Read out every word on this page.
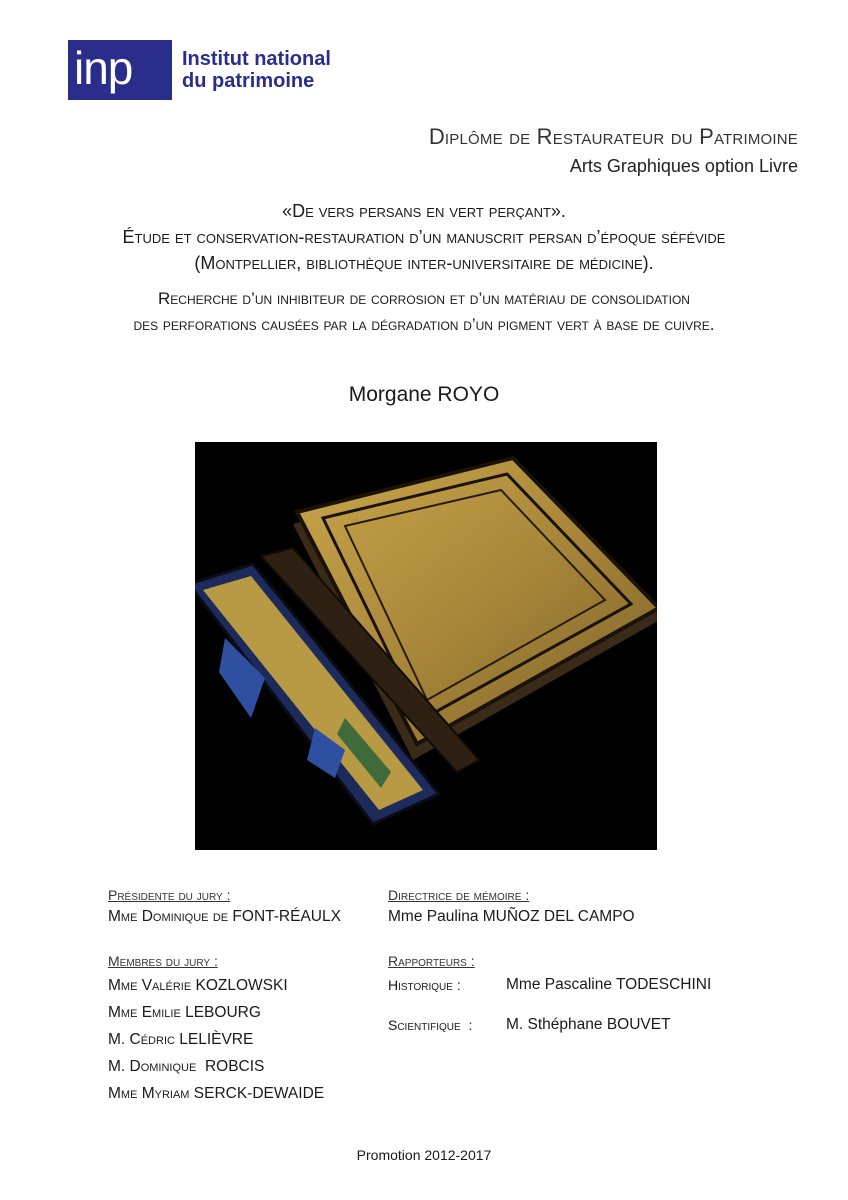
inp	Institut national
du patrimoine
Diplôme de Restaurateur du Patrimoine
Arts Graphiques option Livre
«De vers persans en vert perçant».
Étude et conservation-restauration d’un manuscrit persan d’époque séfévide
(Montpellier, bibliothèque inter-universitaire de médicine).
Recherche d’un inhibiteur de corrosion et d’un matériau de consolidation
des perforations causées par la dégradation d’un pigment vert à base de cuivre.
Morgane ROYO
Présidente du jury :
Mme Dominique de FONT-RÉAULX
Directrice de mémoire :
Mme Paulina MUÑOZ DEL CAMPO
Membres du jury :
Mme Valérie KOZLOWSKI
Mme Emilie LEBOURG
M. Cédric LELIÈVRE
M. Dominique  ROBCIS
Mme Myriam SERCK-DEWAIDE
Rapporteurs :
Historique :	Mme Pascaline TODESCHINI
Scientifique  :	M. Sthéphane BOUVET
Promotion 2012-2017
